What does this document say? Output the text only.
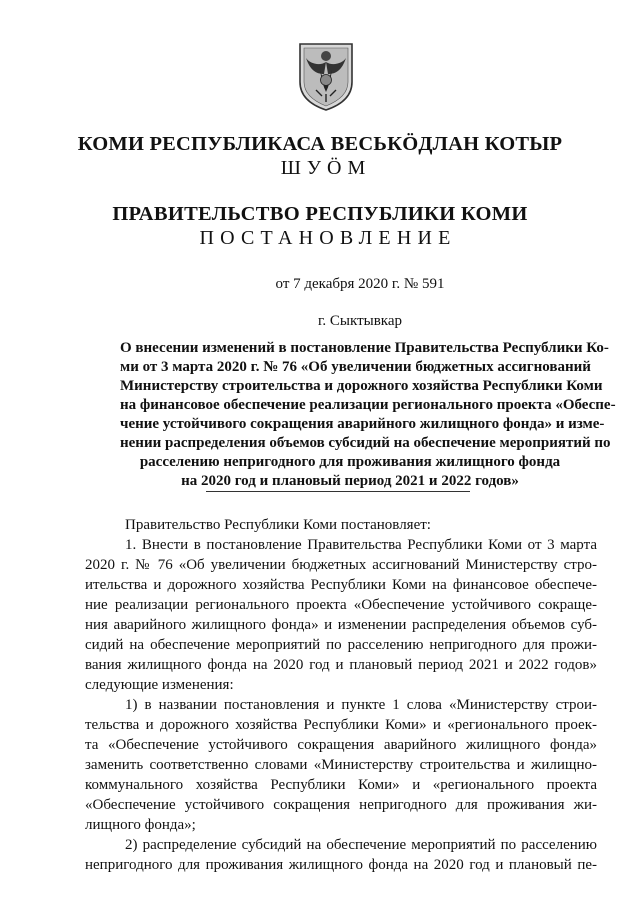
КОМИ РЕСПУБЛИКАСА ВЕСЬКÖДЛАН КОТЫР
ШУÖМ
ПРАВИТЕЛЬСТВО РЕСПУБЛИКИ КОМИ
ПОСТАНОВЛЕНИЕ
от 7 декабря 2020 г. № 591
г. Сыктывкар
О внесении изменений в постановление Правительства Республики Ко-
ми от 3 марта 2020 г. № 76 «Об увеличении бюджетных ассигнований
Министерству строительства и дорожного хозяйства Республики Коми
на финансовое обеспечение реализации регионального проекта «Обеспе-
чение устойчивого сокращения аварийного жилищного фонда» и изме-
нении распределения объемов субсидий на обеспечение мероприятий по
расселению непригодного для проживания жилищного фонда
на 2020 год и плановый период 2021 и 2022 годов»
Правительство Республики Коми постановляет:
1. Внести в постановление Правительства Республики Коми от 3 марта
2020 г. № 76 «Об увеличении бюджетных ассигнований Министерству стро-
ительства и дорожного хозяйства Республики Коми на финансовое обеспече-
ние реализации регионального проекта «Обеспечение устойчивого сокраще-
ния аварийного жилищного фонда» и изменении распределения объемов суб-
сидий на обеспечение мероприятий по расселению непригодного для прожи-
вания жилищного фонда на 2020 год и плановый период 2021 и 2022 годов»
следующие изменения:
1) в названии постановления и пункте 1 слова «Министерству строи-
тельства и дорожного хозяйства Республики Коми» и «регионального проек-
та «Обеспечение устойчивого сокращения аварийного жилищного фонда»
заменить соответственно словами «Министерству строительства и жилищно-
коммунального хозяйства Республики Коми» и «регионального проекта
«Обеспечение устойчивого сокращения непригодного для проживания жи-
лищного фонда»;
2) распределение субсидий на обеспечение мероприятий по расселению
непригодного для проживания жилищного фонда на 2020 год и плановый пе-
